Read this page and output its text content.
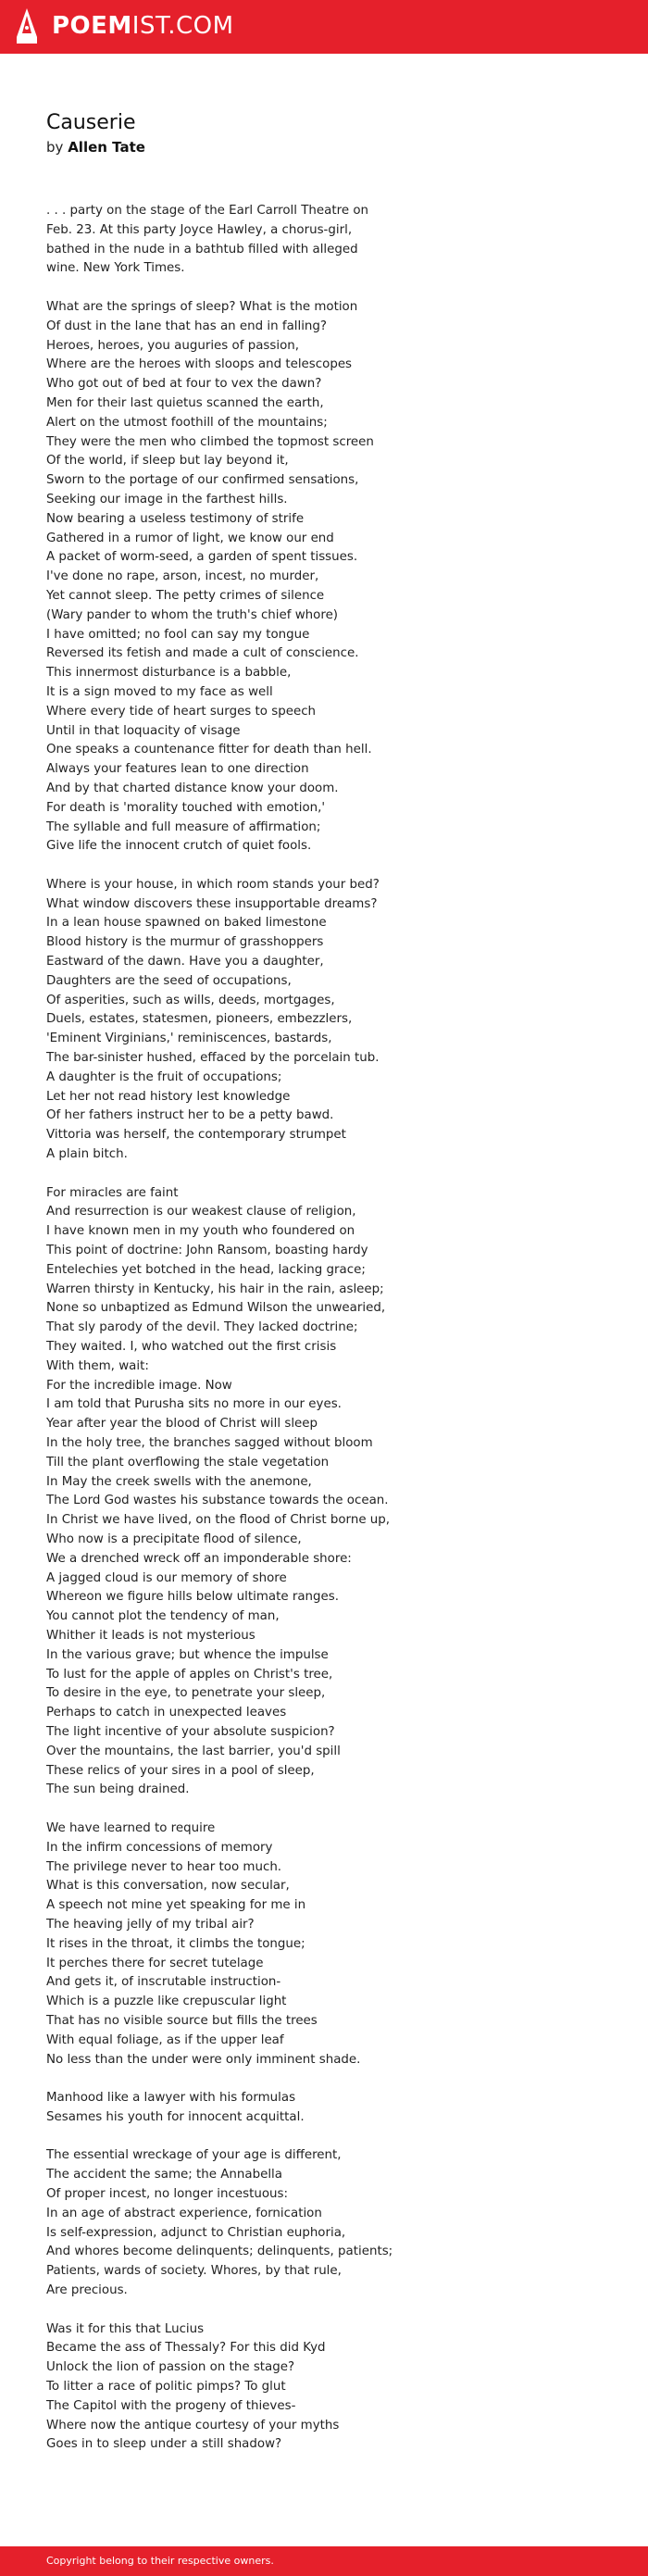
POEMIST.COM
Causerie
by Allen Tate

. . . party on the stage of the Earl Carroll Theatre on
Feb. 23. At this party Joyce Hawley, a chorus-girl,
bathed in the nude in a bathtub filled with alleged
wine. New York Times.

What are the springs of sleep? What is the motion
Of dust in the lane that has an end in falling?
Heroes, heroes, you auguries of passion,
Where are the heroes with sloops and telescopes
Who got out of bed at four to vex the dawn?
Men for their last quietus scanned the earth,
Alert on the utmost foothill of the mountains;
They were the men who climbed the topmost screen
Of the world, if sleep but lay beyond it,
Sworn to the portage of our confirmed sensations,
Seeking our image in the farthest hills.
Now bearing a useless testimony of strife
Gathered in a rumor of light, we know our end
A packet of worm-seed, a garden of spent tissues.
I've done no rape, arson, incest, no murder,
Yet cannot sleep. The petty crimes of silence
(Wary pander to whom the truth's chief whore)
I have omitted; no fool can say my tongue
Reversed its fetish and made a cult of conscience.
This innermost disturbance is a babble,
It is a sign moved to my face as well
Where every tide of heart surges to speech
Until in that loquacity of visage
One speaks a countenance fitter for death than hell.
Always your features lean to one direction
And by that charted distance know your doom.
For death is 'morality touched with emotion,'
The syllable and full measure of affirmation;
Give life the innocent crutch of quiet fools.

Where is your house, in which room stands your bed?
What window discovers these insupportable dreams?
In a lean house spawned on baked limestone
Blood history is the murmur of grasshoppers
Eastward of the dawn. Have you a daughter,
Daughters are the seed of occupations,
Of asperities, such as wills, deeds, mortgages,
Duels, estates, statesmen, pioneers, embezzlers,
'Eminent Virginians,' reminiscences, bastards,
The bar-sinister hushed, effaced by the porcelain tub.
A daughter is the fruit of occupations;
Let her not read history lest knowledge
Of her fathers instruct her to be a petty bawd.
Vittoria was herself, the contemporary strumpet
A plain bitch.

For miracles are faint
And resurrection is our weakest clause of religion,
I have known men in my youth who foundered on
This point of doctrine: John Ransom, boasting hardy
Entelechies yet botched in the head, lacking grace;
Warren thirsty in Kentucky, his hair in the rain, asleep;
None so unbaptized as Edmund Wilson the unwearied,
That sly parody of the devil. They lacked doctrine;
They waited. I, who watched out the first crisis
With them, wait:
For the incredible image. Now
I am told that Purusha sits no more in our eyes.
Year after year the blood of Christ will sleep
In the holy tree, the branches sagged without bloom
Till the plant overflowing the stale vegetation
In May the creek swells with the anemone,
The Lord God wastes his substance towards the ocean.
In Christ we have lived, on the flood of Christ borne up,
Who now is a precipitate flood of silence,
We a drenched wreck off an imponderable shore:
A jagged cloud is our memory of shore
Whereon we figure hills below ultimate ranges.
You cannot plot the tendency of man,
Whither it leads is not mysterious
In the various grave; but whence the impulse
To lust for the apple of apples on Christ's tree,
To desire in the eye, to penetrate your sleep,
Perhaps to catch in unexpected leaves
The light incentive of your absolute suspicion?
Over the mountains, the last barrier, you'd spill
These relics of your sires in a pool of sleep,
The sun being drained.

We have learned to require
In the infirm concessions of memory
The privilege never to hear too much.
What is this conversation, now secular,
A speech not mine yet speaking for me in
The heaving jelly of my tribal air?
It rises in the throat, it climbs the tongue;
It perches there for secret tutelage
And gets it, of inscrutable instruction-
Which is a puzzle like crepuscular light
That has no visible source but fills the trees
With equal foliage, as if the upper leaf
No less than the under were only imminent shade.

Manhood like a lawyer with his formulas
Sesames his youth for innocent acquittal.

The essential wreckage of your age is different,
The accident the same; the Annabella
Of proper incest, no longer incestuous:
In an age of abstract experience, fornication
Is self-expression, adjunct to Christian euphoria,
And whores become delinquents; delinquents, patients;
Patients, wards of society. Whores, by that rule,
Are precious.

Was it for this that Lucius
Became the ass of Thessaly? For this did Kyd
Unlock the lion of passion on the stage?
To litter a race of politic pimps? To glut
The Capitol with the progeny of thieves-
Where now the antique courtesy of your myths
Goes in to sleep under a still shadow?

Copyright belong to their respective owners.
